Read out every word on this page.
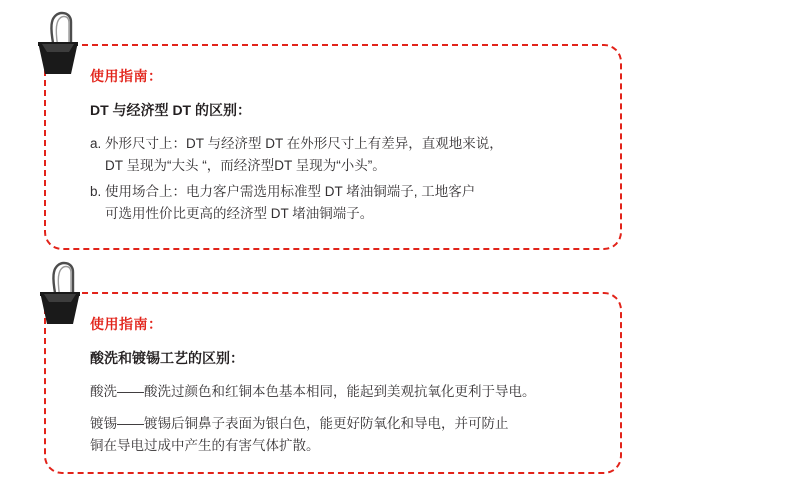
使用指南：

DT 与经济型 DT 的区别：

a. 外形尺寸上：DT 与经济型 DT 在外形尺寸上有差异，直观地来说，
DT 呈现为“大头 “，而经济型DT 呈现为“小头”。

b. 使用场合上：电力客户需选用标准型 DT 堵油铜端子, 工地客户
可选用性价比更高的经济型 DT 堵油铜端子。

使用指南：

酸洗和镀锡工艺的区别：

酸洗——酸洗过颜色和红铜本色基本相同，能起到美观抗氧化更利于导电。

镀锡——镀锡后铜鼻子表面为银白色，能更好防氧化和导电，并可防止
铜在导电过成中产生的有害气体扩散。
